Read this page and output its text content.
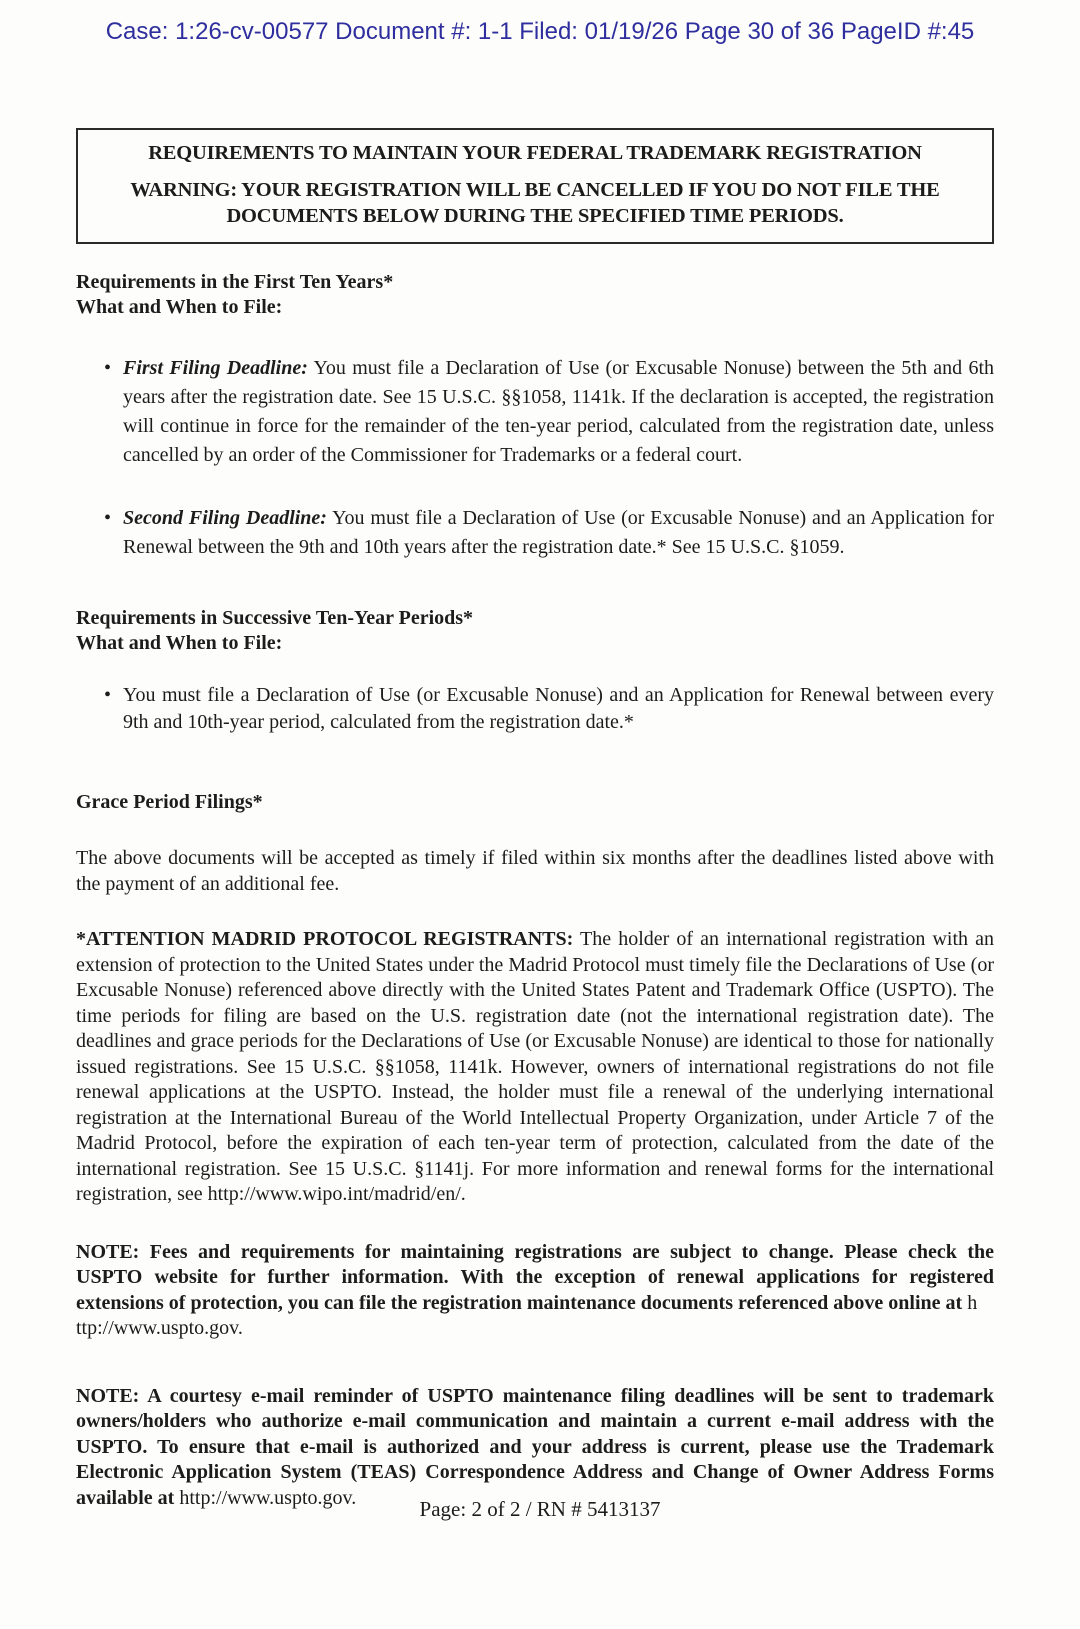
Case: 1:26-cv-00577 Document #: 1-1 Filed: 01/19/26 Page 30 of 36 PageID #:45
REQUIREMENTS TO MAINTAIN YOUR FEDERAL TRADEMARK REGISTRATION
WARNING: YOUR REGISTRATION WILL BE CANCELLED IF YOU DO NOT FILE THE DOCUMENTS BELOW DURING THE SPECIFIED TIME PERIODS.
Requirements in the First Ten Years*
What and When to File:
• First Filing Deadline: You must file a Declaration of Use (or Excusable Nonuse) between the 5th and 6th years after the registration date. See 15 U.S.C. §§1058, 1141k. If the declaration is accepted, the registration will continue in force for the remainder of the ten-year period, calculated from the registration date, unless cancelled by an order of the Commissioner for Trademarks or a federal court.
• Second Filing Deadline: You must file a Declaration of Use (or Excusable Nonuse) and an Application for Renewal between the 9th and 10th years after the registration date.* See 15 U.S.C. §1059.
Requirements in Successive Ten-Year Periods*
What and When to File:
• You must file a Declaration of Use (or Excusable Nonuse) and an Application for Renewal between every 9th and 10th-year period, calculated from the registration date.*
Grace Period Filings*
The above documents will be accepted as timely if filed within six months after the deadlines listed above with the payment of an additional fee.
*ATTENTION MADRID PROTOCOL REGISTRANTS: The holder of an international registration with an extension of protection to the United States under the Madrid Protocol must timely file the Declarations of Use (or Excusable Nonuse) referenced above directly with the United States Patent and Trademark Office (USPTO). The time periods for filing are based on the U.S. registration date (not the international registration date). The deadlines and grace periods for the Declarations of Use (or Excusable Nonuse) are identical to those for nationally issued registrations. See 15 U.S.C. §§1058, 1141k. However, owners of international registrations do not file renewal applications at the USPTO. Instead, the holder must file a renewal of the underlying international registration at the International Bureau of the World Intellectual Property Organization, under Article 7 of the Madrid Protocol, before the expiration of each ten-year term of protection, calculated from the date of the international registration. See 15 U.S.C. §1141j. For more information and renewal forms for the international registration, see http://www.wipo.int/madrid/en/.
NOTE: Fees and requirements for maintaining registrations are subject to change. Please check the USPTO website for further information. With the exception of renewal applications for registered extensions of protection, you can file the registration maintenance documents referenced above online at h
ttp://www.uspto.gov.
NOTE: A courtesy e-mail reminder of USPTO maintenance filing deadlines will be sent to trademark owners/holders who authorize e-mail communication and maintain a current e-mail address with the USPTO. To ensure that e-mail is authorized and your address is current, please use the Trademark Electronic Application System (TEAS) Correspondence Address and Change of Owner Address Forms available at http://www.uspto.gov.	Page: 2 of 2 / RN # 5413137
